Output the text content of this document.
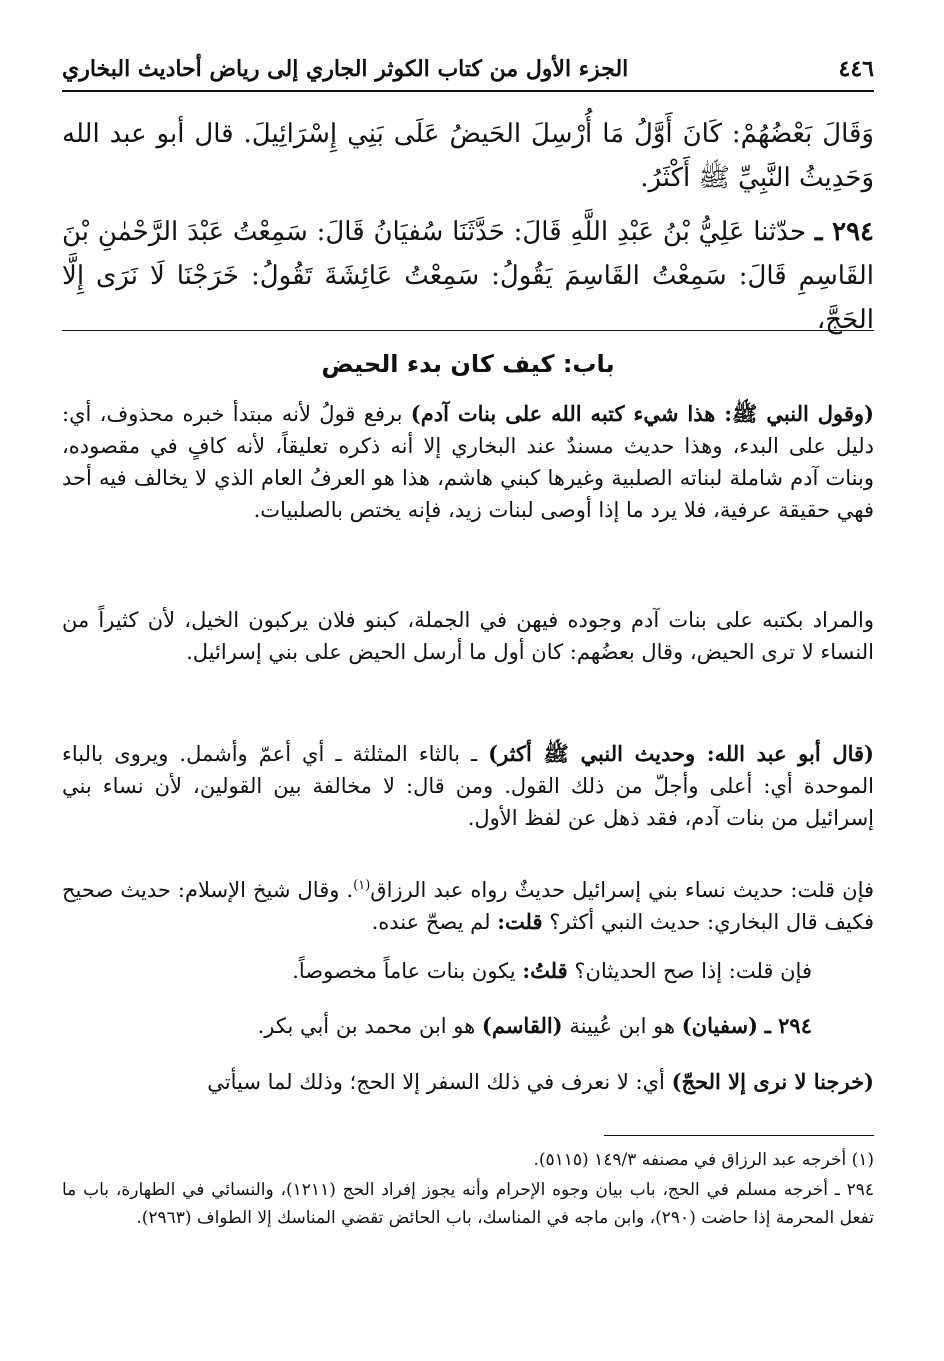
٤٤٦
الجزء الأول من كتاب الكوثر الجاري إلى رياض أحاديث البخاري
وَقَالَ بَعْضُهُمْ: كَانَ أَوَّلُ مَا أُرْسِلَ الحَيضُ عَلَى بَنِي إِسْرَائِيلَ. قال أبو عبد الله وَحَدِيثُ النَّبِيِّ ﷺ أَكْثَرُ.
٢٩٤ ـ حدّثنا عَلِيُّ بْنُ عَبْدِ اللَّهِ قَالَ: حَدَّثَنَا سُفيَانُ قَالَ: سَمِعْتُ عَبْدَ الرَّحْمٰنِ بْنَ القَاسِمِ قَالَ: سَمِعْتُ القَاسِمَ يَقُولُ: سَمِعْتُ عَائِشَةَ تَقُولُ: خَرَجْنَا لَا نَرَى إِلَّا الحَجَّ،
باب: كيف كان بدء الحيض
(وقول النبي ﷺ: هذا شيء كتبه الله على بنات آدم) برفع قولُ لأنه مبتدأ خبره محذوف، أي: دليل على البدء، وهذا حديث مسندٌ عند البخاري إلا أنه ذكره تعليقاً، لأنه كافٍ في مقصوده، وبنات آدم شاملة لبناته الصلبية وغيرها كبني هاشم، هذا هو العرفُ العام الذي لا يخالف فيه أحد فهي حقيقة عرفية، فلا يرد ما إذا أوصى لبنات زيد، فإنه يختص بالصلبيات.
والمراد بكتبه على بنات آدم وجوده فيهن في الجملة، كبنو فلان يركبون الخيل، لأن كثيراً من النساء لا ترى الحيض، وقال بعضُهم: كان أول ما أرسل الحيض على بني إسرائيل.
(قال أبو عبد الله: وحديث النبي ﷺ أكثر) ـ بالثاء المثلثة ـ أي أعمّ وأشمل. ويروى بالباء الموحدة أي: أعلى وأجلّ من ذلك القول. ومن قال: لا مخالفة بين القولين، لأن نساء بني إسرائيل من بنات آدم، فقد ذهل عن لفظ الأول.
فإن قلت: حديث نساء بني إسرائيل حديثٌ رواه عبد الرزاق$^{(١)}$. وقال شيخ الإسلام: حديث صحيح فكيف قال البخاري: حديث النبي أكثر؟ قلت: لم يصحّ عنده.
فإن قلت: إذا صح الحديثان؟ قلتُ: يكون بنات عاماً مخصوصاً.
٢٩٤ ـ (سفيان) هو ابن عُيينة (القاسم) هو ابن محمد بن أبي بكر.
(خرجنا لا نرى إلا الحجّ) أي: لا نعرف في ذلك السفر إلا الحج؛ وذلك لما سيأتي

(١) أخرجه عبد الرزاق في مصنفه ١٤٩/٣ (٥١١٥).

٢٩٤ ـ أخرجه مسلم في الحج، باب بيان وجوه الإحرام وأنه يجوز إفراد الحج (١٢١١)، والنسائي في الطهارة، باب ما تفعل المحرمة إذا حاضت (٢٩٠)، وابن ماجه في المناسك، باب الحائض تقضي المناسك إلا الطواف (٢٩٦٣).
